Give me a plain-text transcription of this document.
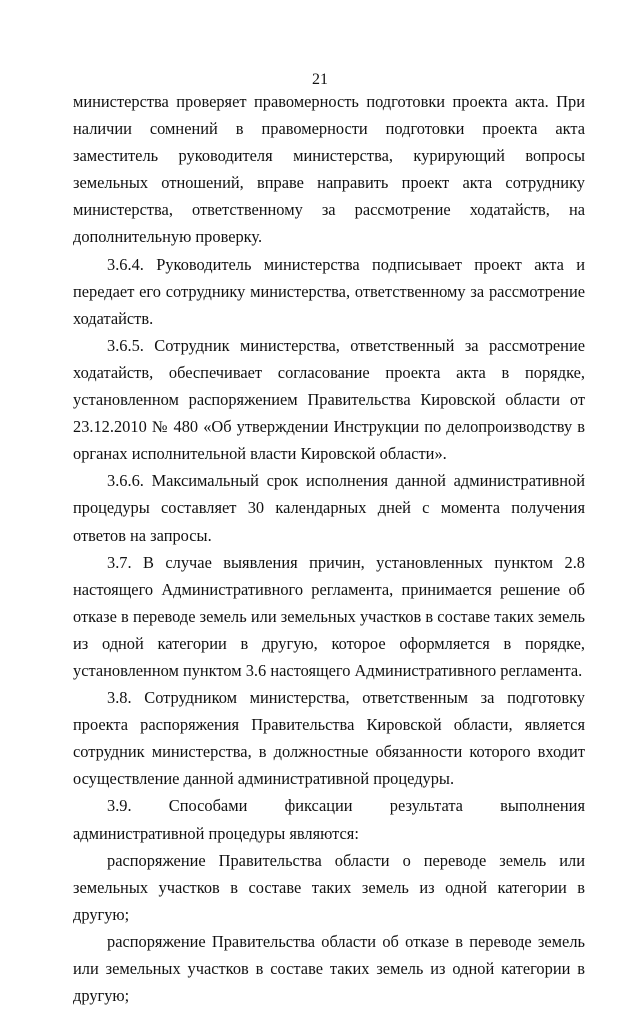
21

министерства проверяет правомерность подготовки проекта акта. При наличии сомнений в правомерности подготовки проекта акта заместитель руководителя министерства, курирующий вопросы земельных отношений, вправе направить проект акта сотруднику министерства, ответственному за рассмотрение ходатайств, на дополнительную проверку.

3.6.4. Руководитель министерства подписывает проект акта и передает его сотруднику министерства, ответственному за рассмотрение ходатайств.

3.6.5. Сотрудник министерства, ответственный за рассмотрение ходатайств, обеспечивает согласование проекта акта в порядке, установленном распоряжением Правительства Кировской области от 23.12.2010 № 480 «Об утверждении Инструкции по делопроизводству в органах исполнительной власти Кировской области».

3.6.6. Максимальный срок исполнения данной административной процедуры составляет 30 календарных дней с момента получения ответов на запросы.

3.7. В случае выявления причин, установленных пунктом 2.8 настоящего Административного регламента, принимается решение об отказе в переводе земель или земельных участков в составе таких земель из одной категории в другую, которое оформляется в порядке, установленном пунктом 3.6 настоящего Административного регламента.

3.8. Сотрудником министерства, ответственным за подготовку проекта распоряжения Правительства Кировской области, является сотрудник министерства, в должностные обязанности которого входит осуществление данной административной процедуры.

3.9. Способами фиксации результата выполнения административной процедуры являются:

распоряжение Правительства области о переводе земель или земельных участков в составе таких земель из одной категории в другую;

распоряжение Правительства области об отказе в переводе земель или земельных участков в составе таких земель из одной категории в другую;
